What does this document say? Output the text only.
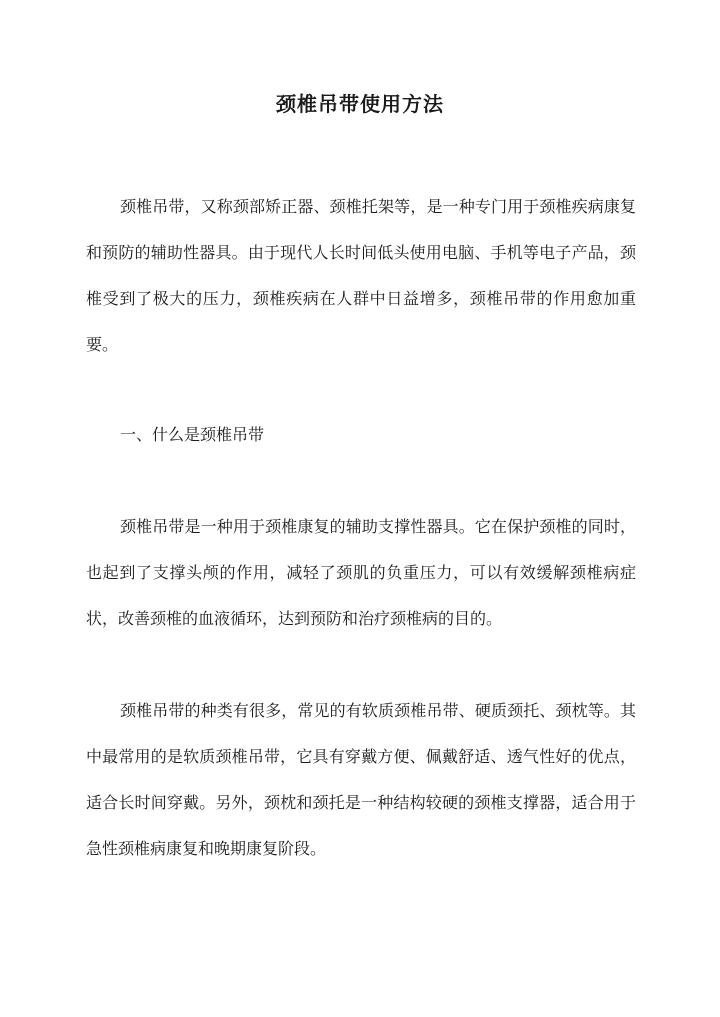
颈椎吊带使用方法

颈椎吊带，又称颈部矫正器、颈椎托架等，是一种专门用于颈椎疾病康复和预防的辅助性器具。由于现代人长时间低头使用电脑、手机等电子产品，颈椎受到了极大的压力，颈椎疾病在人群中日益增多，颈椎吊带的作用愈加重要。

一、什么是颈椎吊带

颈椎吊带是一种用于颈椎康复的辅助支撑性器具。它在保护颈椎的同时，也起到了支撑头颅的作用，减轻了颈肌的负重压力，可以有效缓解颈椎病症状，改善颈椎的血液循环，达到预防和治疗颈椎病的目的。

颈椎吊带的种类有很多，常见的有软质颈椎吊带、硬质颈托、颈枕等。其中最常用的是软质颈椎吊带，它具有穿戴方便、佩戴舒适、透气性好的优点，适合长时间穿戴。另外，颈枕和颈托是一种结构较硬的颈椎支撑器，适合用于急性颈椎病康复和晚期康复阶段。
